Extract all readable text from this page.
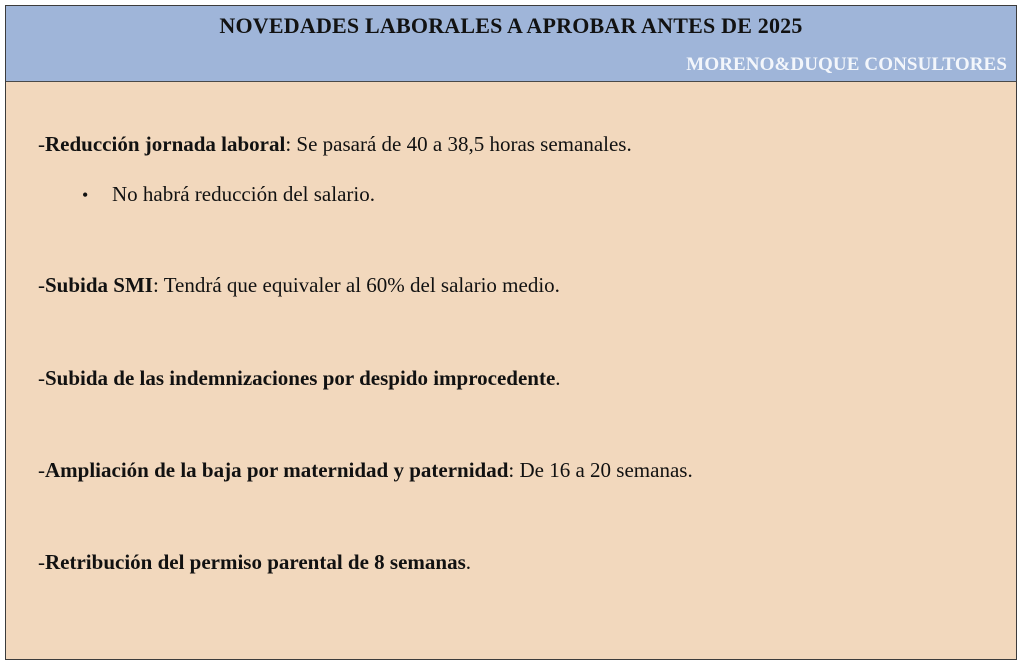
NOVEDADES LABORALES A APROBAR ANTES DE 2025
MORENO&DUQUE CONSULTORES
-Reducción jornada laboral: Se pasará de 40 a 38,5 horas semanales.
• No habrá reducción del salario.
-Subida SMI: Tendrá que equivaler al 60% del salario medio.
-Subida de las indemnizaciones por despido improcedente.
-Ampliación de la baja por maternidad y paternidad: De 16 a 20 semanas.
-Retribución del permiso parental de 8 semanas.
